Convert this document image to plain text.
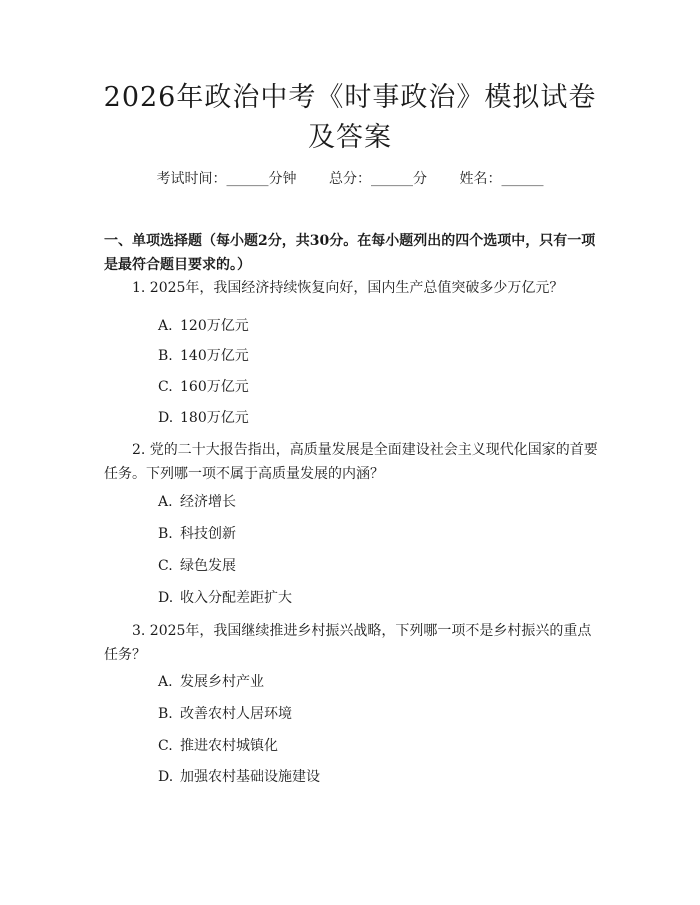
2026年政治中考《时事政治》模拟试卷及答案
考试时间：______分钟 总分：______分 姓名：______
一、单项选择题（每小题2分，共30分。在每小题列出的四个选项中，只有一项是最符合题目要求的。）
1. 2025年，我国经济持续恢复向好，国内生产总值突破多少万亿元？
A. 120万亿元
B. 140万亿元
C. 160万亿元
D. 180万亿元
2. 党的二十大报告指出，高质量发展是全面建设社会主义现代化国家的首要任务。下列哪一项不属于高质量发展的内涵？
A. 经济增长
B. 科技创新
C. 绿色发展
D. 收入分配差距扩大
3. 2025年，我国继续推进乡村振兴战略，下列哪一项不是乡村振兴的重点任务？
A. 发展乡村产业
B. 改善农村人居环境
C. 推进农村城镇化
D. 加强农村基础设施建设
